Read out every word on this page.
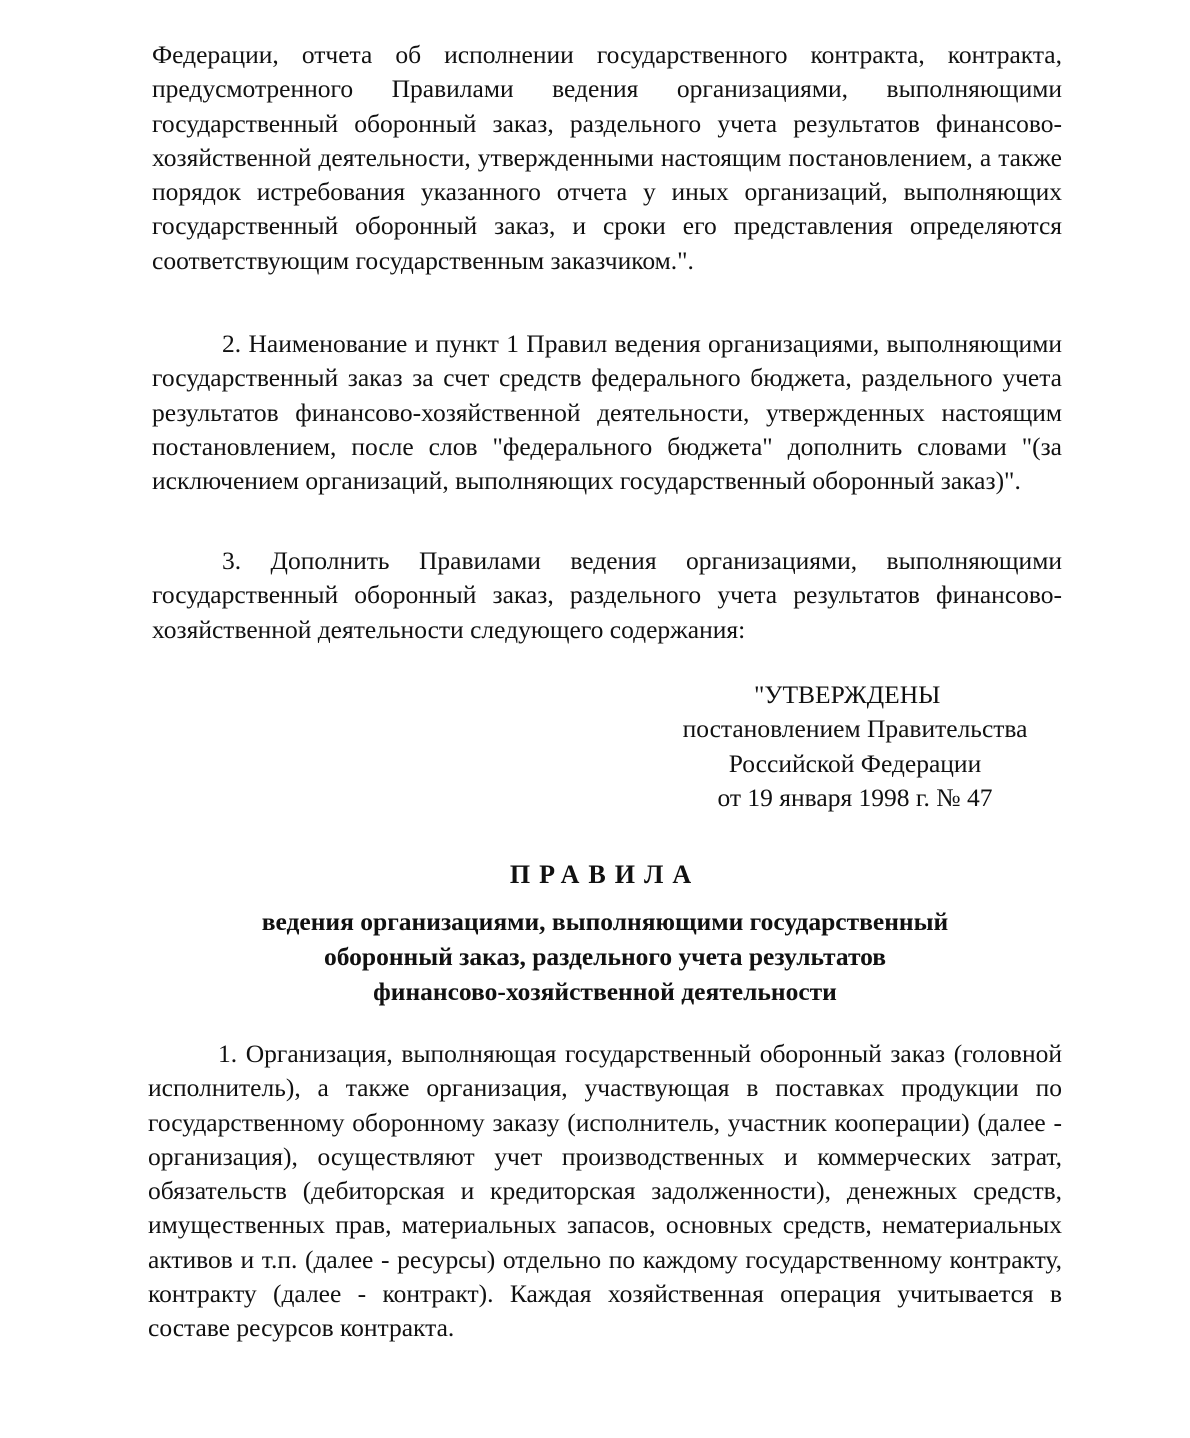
Федерации, отчета об исполнении государственного контракта, контракта, предусмотренного Правилами ведения организациями, выполняющими государственный оборонный заказ, раздельного учета результатов финансово-хозяйственной деятельности, утвержденными настоящим постановлением, а также порядок истребования указанного отчета у иных организаций, выполняющих государственный оборонный заказ, и сроки его представления определяются соответствующим государственным заказчиком.".

2. Наименование и пункт 1 Правил ведения организациями, выполняющими государственный заказ за счет средств федерального бюджета, раздельного учета результатов финансово-хозяйственной деятельности, утвержденных настоящим постановлением, после слов "федерального бюджета" дополнить словами "(за исключением организаций, выполняющих государственный оборонный заказ)".

3. Дополнить Правилами ведения организациями, выполняющими государственный оборонный заказ, раздельного учета результатов финансово-хозяйственной деятельности следующего содержания:

"УТВЕРЖДЕНЫ
постановлением Правительства
Российской Федерации
от 19 января 1998 г. № 47
ПРАВИЛА
ведения организациями, выполняющими государственный
оборонный заказ, раздельного учета результатов
финансово-хозяйственной деятельности

1. Организация, выполняющая государственный оборонный заказ (головной исполнитель), а также организация, участвующая в поставках продукции по государственному оборонному заказу (исполнитель, участник кооперации) (далее - организация), осуществляют учет производственных и коммерческих затрат, обязательств (дебиторская и кредиторская задолженности), денежных средств, имущественных прав, материальных запасов, основных средств, нематериальных активов и т.п. (далее - ресурсы) отдельно по каждому государственному контракту, контракту (далее - контракт). Каждая хозяйственная операция учитывается в составе ресурсов контракта.
